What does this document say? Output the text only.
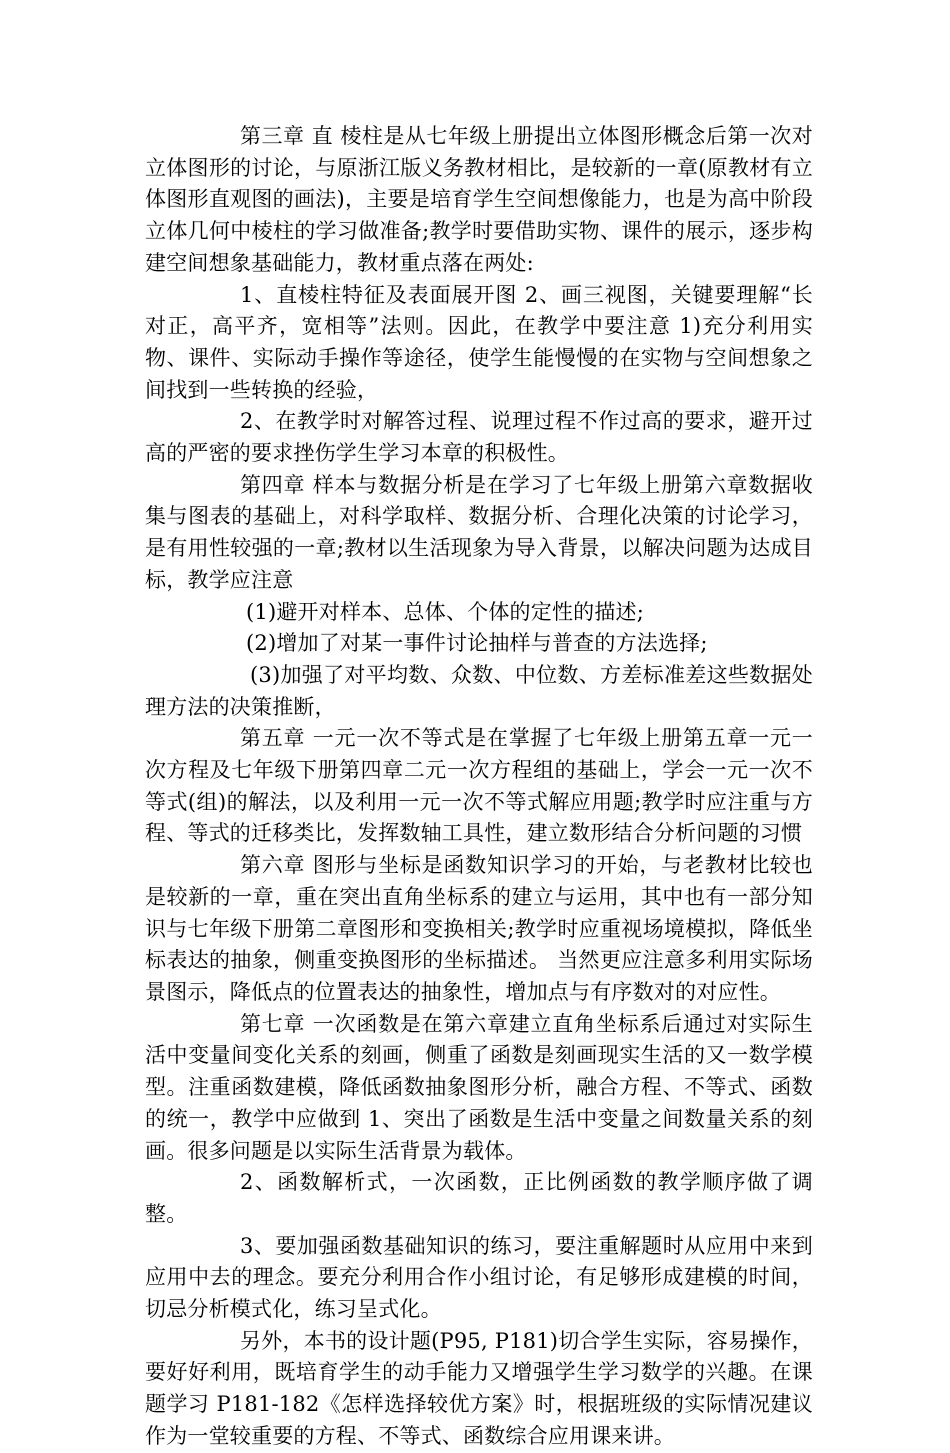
第三章 直 棱柱是从七年级上册提出立体图形概念后第一次对立体图形的讨论，与原浙江版义务教材相比，是较新的一章(原教材有立体图形直观图的画法)，主要是培育学生空间想像能力，也是为高中阶段立体几何中棱柱的学习做准备;教学时要借助实物、课件的展示，逐步构建空间想象基础能力，教材重点落在两处:

1、直棱柱特征及表面展开图 2、画三视图，关键要理解“长对正，高平齐，宽相等”法则。因此，在教学中要注意 1)充分利用实物、课件、实际动手操作等途径，使学生能慢慢的在实物与空间想象之间找到一些转换的经验，

2、在教学时对解答过程、说理过程不作过高的要求，避开过高的严密的要求挫伤学生学习本章的积极性。

第四章 样本与数据分析是在学习了七年级上册第六章数据收集与图表的基础上，对科学取样、数据分析、合理化决策的讨论学习，是有用性较强的一章;教材以生活现象为导入背景，以解决问题为达成目标，教学应注意

(1)避开对样本、总体、个体的定性的描述;

(2)增加了对某一事件讨论抽样与普查的方法选择;

(3)加强了对平均数、众数、中位数、方差标准差这些数据处理方法的决策推断，

第五章 一元一次不等式是在掌握了七年级上册第五章一元一次方程及七年级下册第四章二元一次方程组的基础上，学会一元一次不等式(组)的解法，以及利用一元一次不等式解应用题;教学时应注重与方程、等式的迁移类比，发挥数轴工具性，建立数形结合分析问题的习惯

第六章 图形与坐标是函数知识学习的开始，与老教材比较也是较新的一章，重在突出直角坐标系的建立与运用，其中也有一部分知识与七年级下册第二章图形和变换相关;教学时应重视场境模拟，降低坐标表达的抽象，侧重变换图形的坐标描述。 当然更应注意多利用实际场景图示，降低点的位置表达的抽象性，增加点与有序数对的对应性。

第七章 一次函数是在第六章建立直角坐标系后通过对实际生活中变量间变化关系的刻画，侧重了函数是刻画现实生活的又一数学模型。注重函数建模，降低函数抽象图形分析，融合方程、不等式、函数的统一，教学中应做到 1、突出了函数是生活中变量之间数量关系的刻画。很多问题是以实际生活背景为载体。

2、函数解析式，一次函数，正比例函数的教学顺序做了调整。

3、要加强函数基础知识的练习，要注重解题时从应用中来到应用中去的理念。要充分利用合作小组讨论，有足够形成建模的时间，切忌分析模式化，练习呈式化。

另外，本书的设计题(P95, P181)切合学生实际，容易操作，要好好利用，既培育学生的动手能力又增强学生学习数学的兴趣。在课题学习 P181-182《怎样选择较优方案》时，根据班级的实际情况建议作为一堂较重要的方程、不等式、函数综合应用课来讲。
